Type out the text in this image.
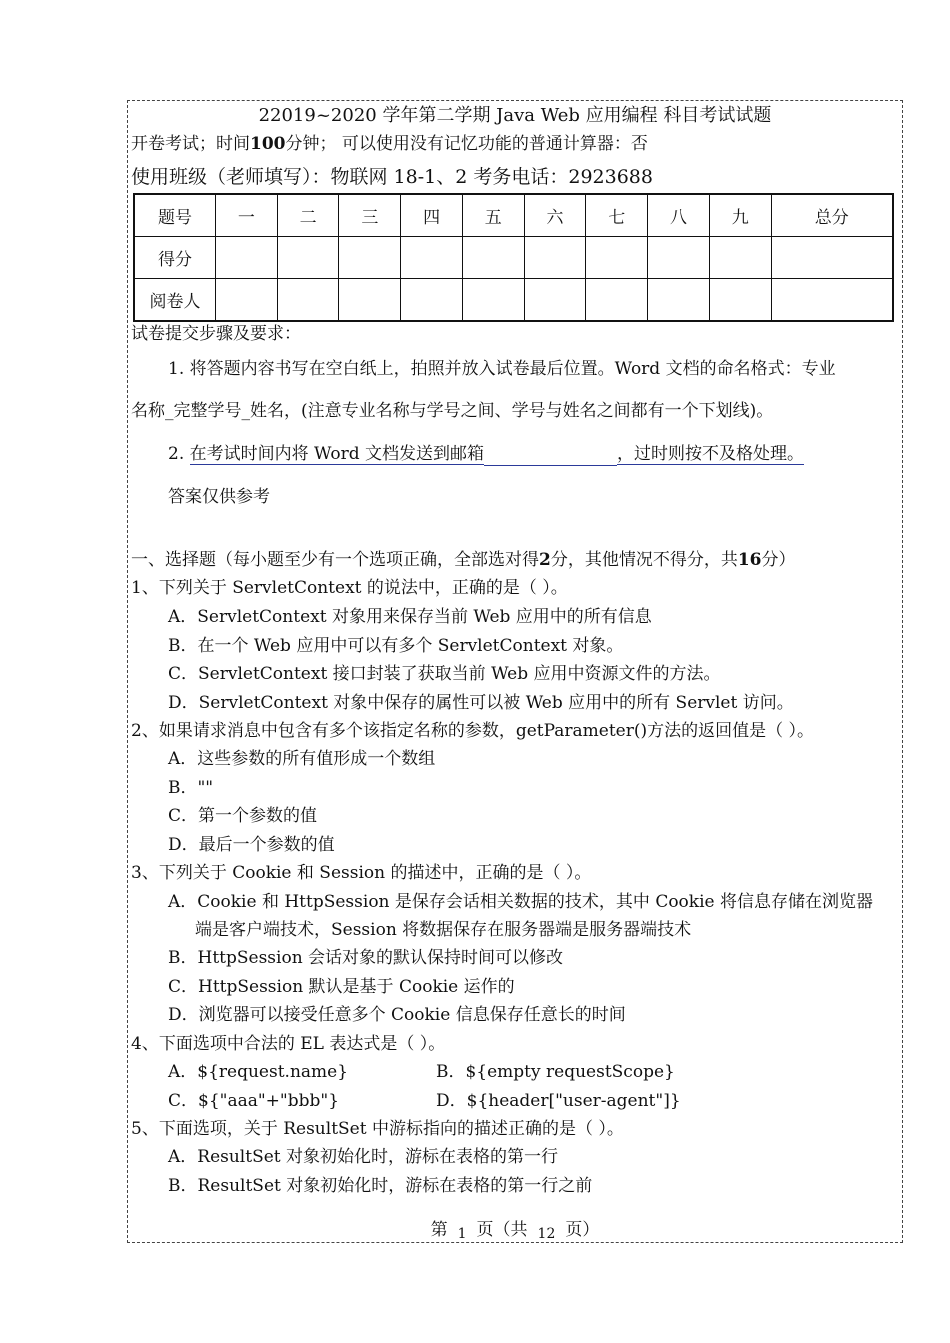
22019~2020 学年第二学期 Java Web 应用编程 科目考试试题
开卷考试；时间100分钟； 可以使用没有记忆功能的普通计算器：否
使用班级（老师填写）：物联网 18-1、2 考务电话：2923688
题号	一	二	三	四	五	六	七	八	九	总分
得分										
阅卷人										
试卷提交步骤及要求：
1. 将答题内容书写在空白纸上，拍照并放入试卷最后位置。Word 文档的命名格式：专业
名称_完整学号_姓名，(注意专业名称与学号之间、学号与姓名之间都有一个下划线)。
2. 在考试时间内将 Word 文档发送到邮箱	，过时则按不及格处理。
答案仅供参考
一、选择题（每小题至少有一个选项正确，全部选对得2分，其他情况不得分，共16分）
1、下列关于 ServletContext 的说法中，正确的是（ ）。
A．ServletContext 对象用来保存当前 Web 应用中的所有信息
B．在一个 Web 应用中可以有多个 ServletContext 对象。
C．ServletContext 接口封装了获取当前 Web 应用中资源文件的方法。
D．ServletContext 对象中保存的属性可以被 Web 应用中的所有 Servlet 访问。
2、如果请求消息中包含有多个该指定名称的参数，getParameter()方法的返回值是（ ）。
A．这些参数的所有值形成一个数组
B．""
C．第一个参数的值
D．最后一个参数的值
3、下列关于 Cookie 和 Session 的描述中，正确的是（ ）。
A．Cookie 和 HttpSession 是保存会话相关数据的技术，其中 Cookie 将信息存储在浏览器
端是客户端技术，Session 将数据保存在服务器端是服务器端技术
B．HttpSession 会话对象的默认保持时间可以修改
C．HttpSession 默认是基于 Cookie 运作的
D．浏览器可以接受任意多个 Cookie 信息保存任意长的时间
4、下面选项中合法的 EL 表达式是（ ）。
A．${request.name}	B．${empty requestScope}
C．${"aaa"+"bbb"}	D．${header["user-agent"]}
5、下面选项，关于 ResultSet 中游标指向的描述正确的是（ ）。
A．ResultSet 对象初始化时，游标在表格的第一行
B．ResultSet 对象初始化时，游标在表格的第一行之前
第 1 页（共 12 页）
